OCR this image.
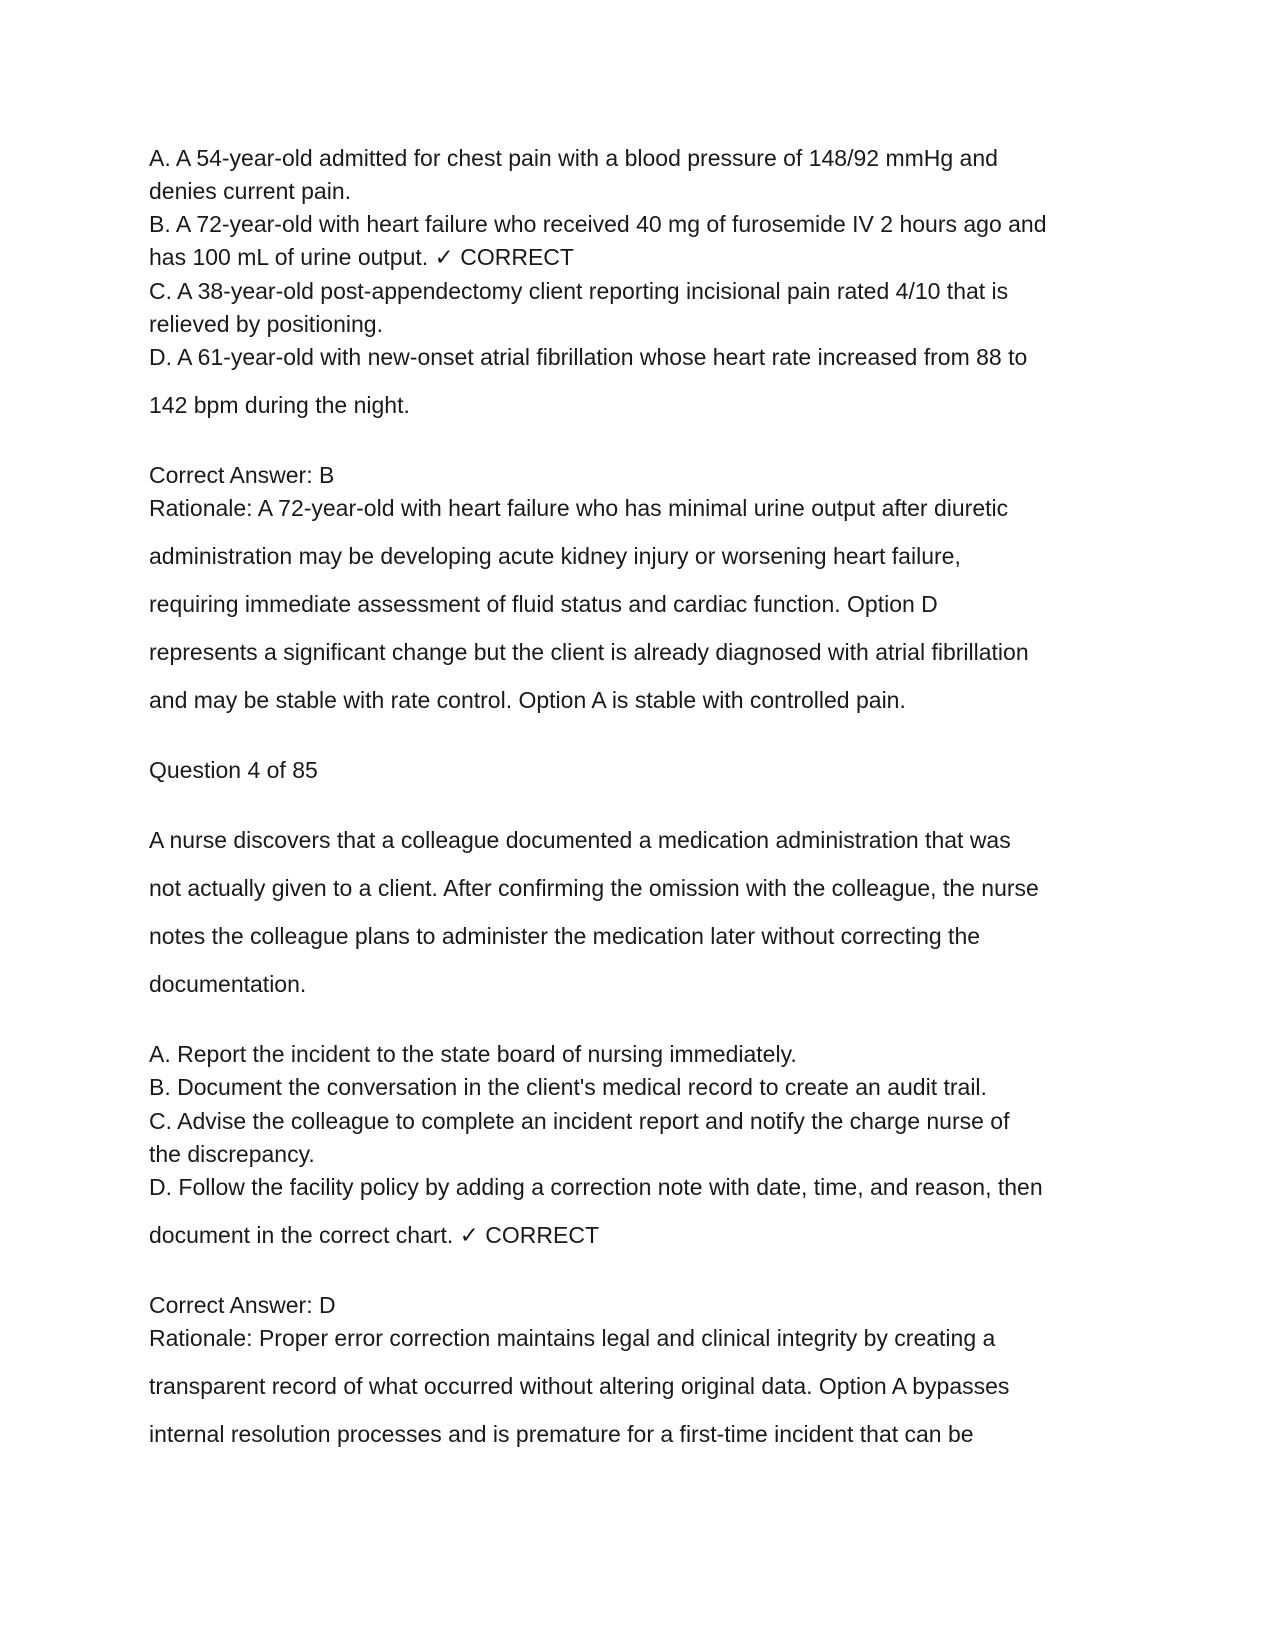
A. A 54-year-old admitted for chest pain with a blood pressure of 148/92 mmHg and
denies current pain.
B. A 72-year-old with heart failure who received 40 mg of furosemide IV 2 hours ago and
has 100 mL of urine output. ✓ CORRECT
C. A 38-year-old post-appendectomy client reporting incisional pain rated 4/10 that is
relieved by positioning.
D. A 61-year-old with new-onset atrial fibrillation whose heart rate increased from 88 to
142 bpm during the night.
Correct Answer: B
Rationale: A 72-year-old with heart failure who has minimal urine output after diuretic
administration may be developing acute kidney injury or worsening heart failure,
requiring immediate assessment of fluid status and cardiac function. Option D
represents a significant change but the client is already diagnosed with atrial fibrillation
and may be stable with rate control. Option A is stable with controlled pain.
Question 4 of 85
A nurse discovers that a colleague documented a medication administration that was
not actually given to a client. After confirming the omission with the colleague, the nurse
notes the colleague plans to administer the medication later without correcting the
documentation.
A. Report the incident to the state board of nursing immediately.
B. Document the conversation in the client's medical record to create an audit trail.
C. Advise the colleague to complete an incident report and notify the charge nurse of
the discrepancy.
D. Follow the facility policy by adding a correction note with date, time, and reason, then
document in the correct chart. ✓ CORRECT
Correct Answer: D
Rationale: Proper error correction maintains legal and clinical integrity by creating a
transparent record of what occurred without altering original data. Option A bypasses
internal resolution processes and is premature for a first-time incident that can be
